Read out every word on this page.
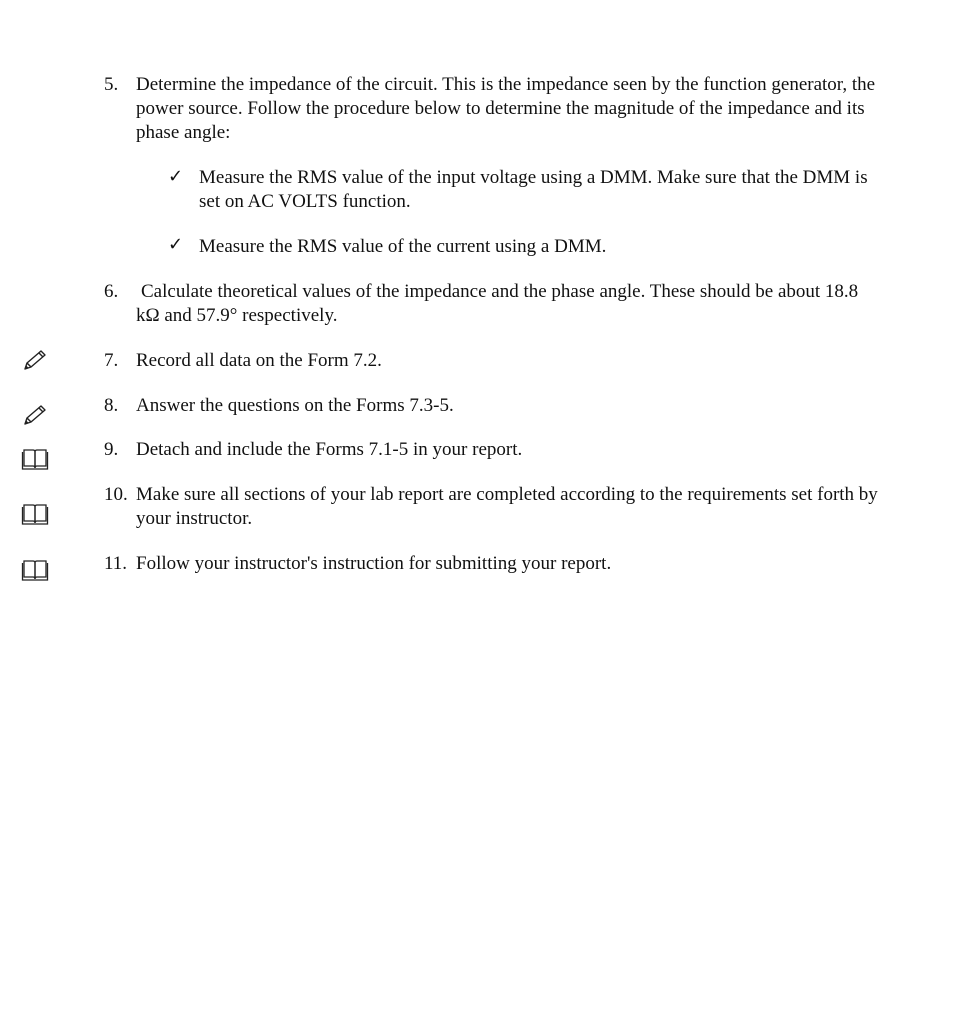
5. Determine the impedance of the circuit. This is the impedance seen by the function generator, the
power source. Follow the procedure below to determine the magnitude of the impedance and its
phase angle:
✓ Measure the RMS value of the input voltage using a DMM. Make sure that the DMM is
set on AC VOLTS function.
✓ Measure the RMS value of the current using a DMM.
6. Calculate theoretical values of the impedance and the phase angle. These should be about 18.8
kΩ and 57.9° respectively.
7. Record all data on the Form 7.2.
8. Answer the questions on the Forms 7.3-5.
9. Detach and include the Forms 7.1-5 in your report.
10. Make sure all sections of your lab report are completed according to the requirements set forth by
your instructor.
11. Follow your instructor's instruction for submitting your report.
